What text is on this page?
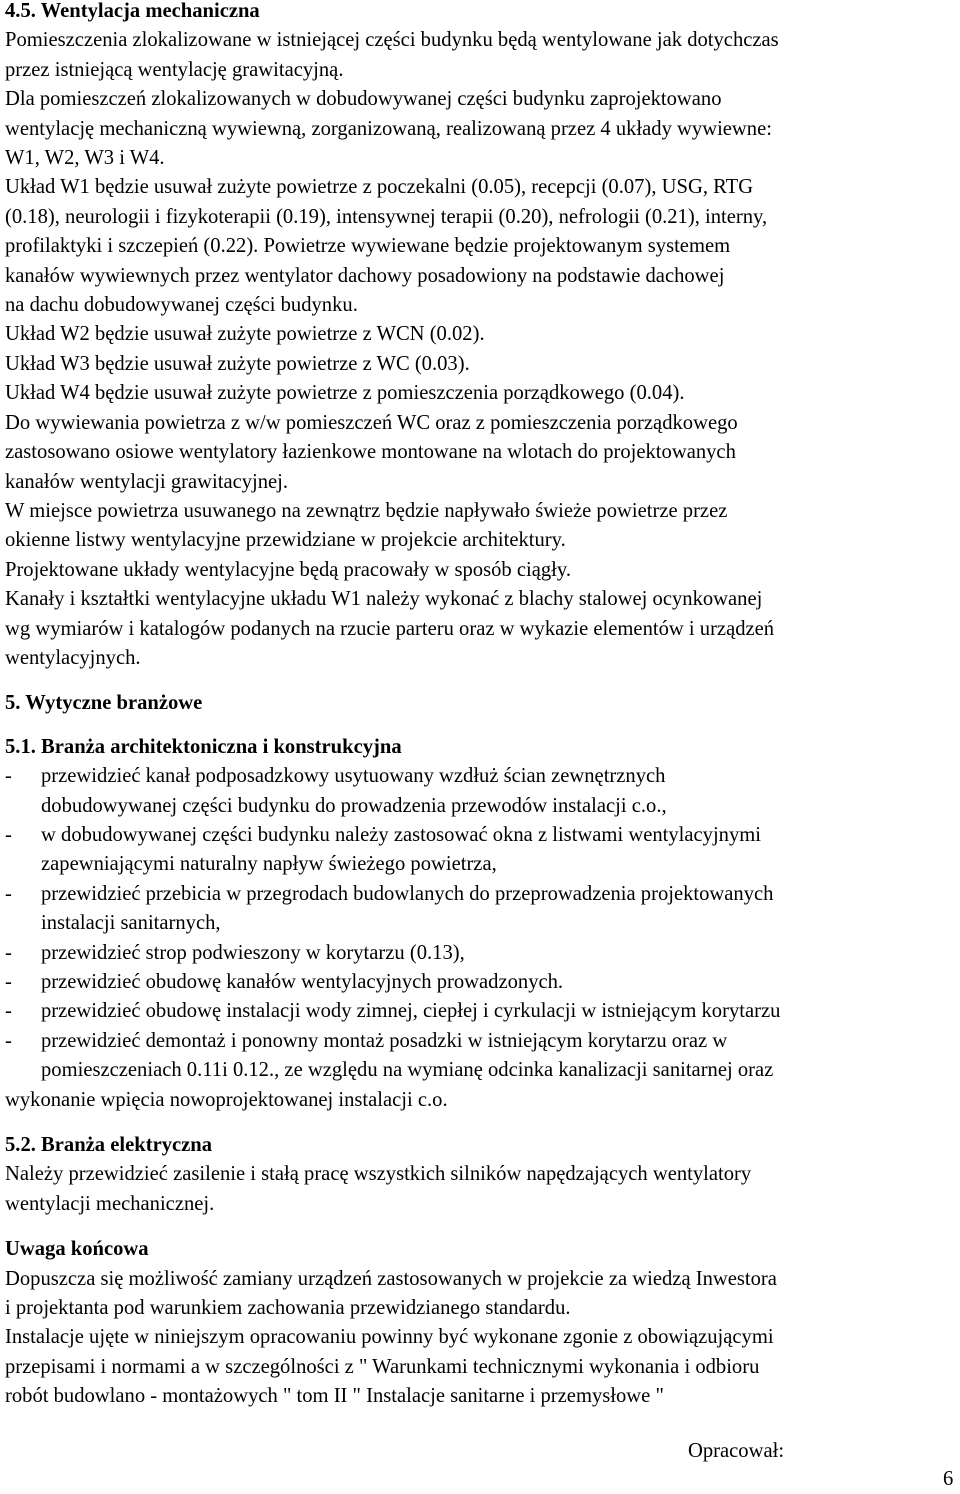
4.5. Wentylacja mechaniczna
Pomieszczenia zlokalizowane w istniejącej części budynku będą wentylowane jak dotychczas
przez istniejącą wentylację grawitacyjną.
Dla pomieszczeń zlokalizowanych w dobudowywanej części budynku zaprojektowano
wentylację mechaniczną wywiewną, zorganizowaną, realizowaną przez 4 układy wywiewne:
W1, W2, W3 i W4.
Układ W1 będzie usuwał zużyte powietrze z poczekalni (0.05), recepcji (0.07), USG, RTG
(0.18), neurologii i fizykoterapii (0.19), intensywnej terapii (0.20), nefrologii (0.21), interny,
profilaktyki i szczepień (0.22). Powietrze wywiewane będzie projektowanym systemem
kanałów wywiewnych przez wentylator dachowy posadowiony na podstawie dachowej
na dachu dobudowywanej części budynku.
Układ W2 będzie usuwał zużyte powietrze z WCN (0.02).
Układ W3 będzie usuwał zużyte powietrze z WC (0.03).
Układ W4 będzie usuwał zużyte powietrze z pomieszczenia porządkowego (0.04).
Do wywiewania powietrza z w/w pomieszczeń WC oraz z pomieszczenia porządkowego
zastosowano osiowe wentylatory łazienkowe montowane na wlotach do projektowanych
kanałów wentylacji grawitacyjnej.
W miejsce powietrza usuwanego na zewnątrz będzie napływało świeże powietrze przez
okienne listwy wentylacyjne przewidziane w projekcie architektury.
Projektowane układy wentylacyjne będą pracowały w sposób ciągły.
Kanały i kształtki wentylacyjne układu W1 należy wykonać z blachy stalowej ocynkowanej
wg wymiarów i katalogów podanych na rzucie parteru oraz w wykazie elementów i urządzeń
wentylacyjnych.
5. Wytyczne branżowe
5.1. Branża architektoniczna i konstrukcyjna
- przewidzieć kanał podposadzkowy usytuowany wzdłuż ścian zewnętrznych
dobudowywanej części budynku do prowadzenia przewodów instalacji c.o.,
- w dobudowywanej części budynku należy zastosować okna z listwami wentylacyjnymi
zapewniającymi naturalny napływ świeżego powietrza,
- przewidzieć przebicia w przegrodach budowlanych do przeprowadzenia projektowanych
instalacji sanitarnych,
- przewidzieć strop podwieszony w korytarzu (0.13),
- przewidzieć obudowę kanałów wentylacyjnych prowadzonych.
- przewidzieć obudowę instalacji wody zimnej, ciepłej i cyrkulacji w istniejącym korytarzu
- przewidzieć demontaż i ponowny montaż posadzki w istniejącym korytarzu oraz w
pomieszczeniach 0.11i 0.12., ze względu na wymianę odcinka kanalizacji sanitarnej oraz
wykonanie wpięcia nowoprojektowanej instalacji c.o.
5.2. Branża elektryczna
Należy przewidzieć zasilenie i stałą pracę wszystkich silników napędzających wentylatory
wentylacji mechanicznej.
Uwaga końcowa
Dopuszcza się możliwość zamiany urządzeń zastosowanych w projekcie za wiedzą Inwestora
i projektanta pod warunkiem zachowania przewidzianego standardu.
Instalacje ujęte w niniejszym opracowaniu powinny być wykonane zgonie z obowiązującymi
przepisami i normami a w szczególności z " Warunkami technicznymi wykonania i odbioru
robót budowlano - montażowych " tom II " Instalacje sanitarne i przemysłowe "
Opracował:
6
